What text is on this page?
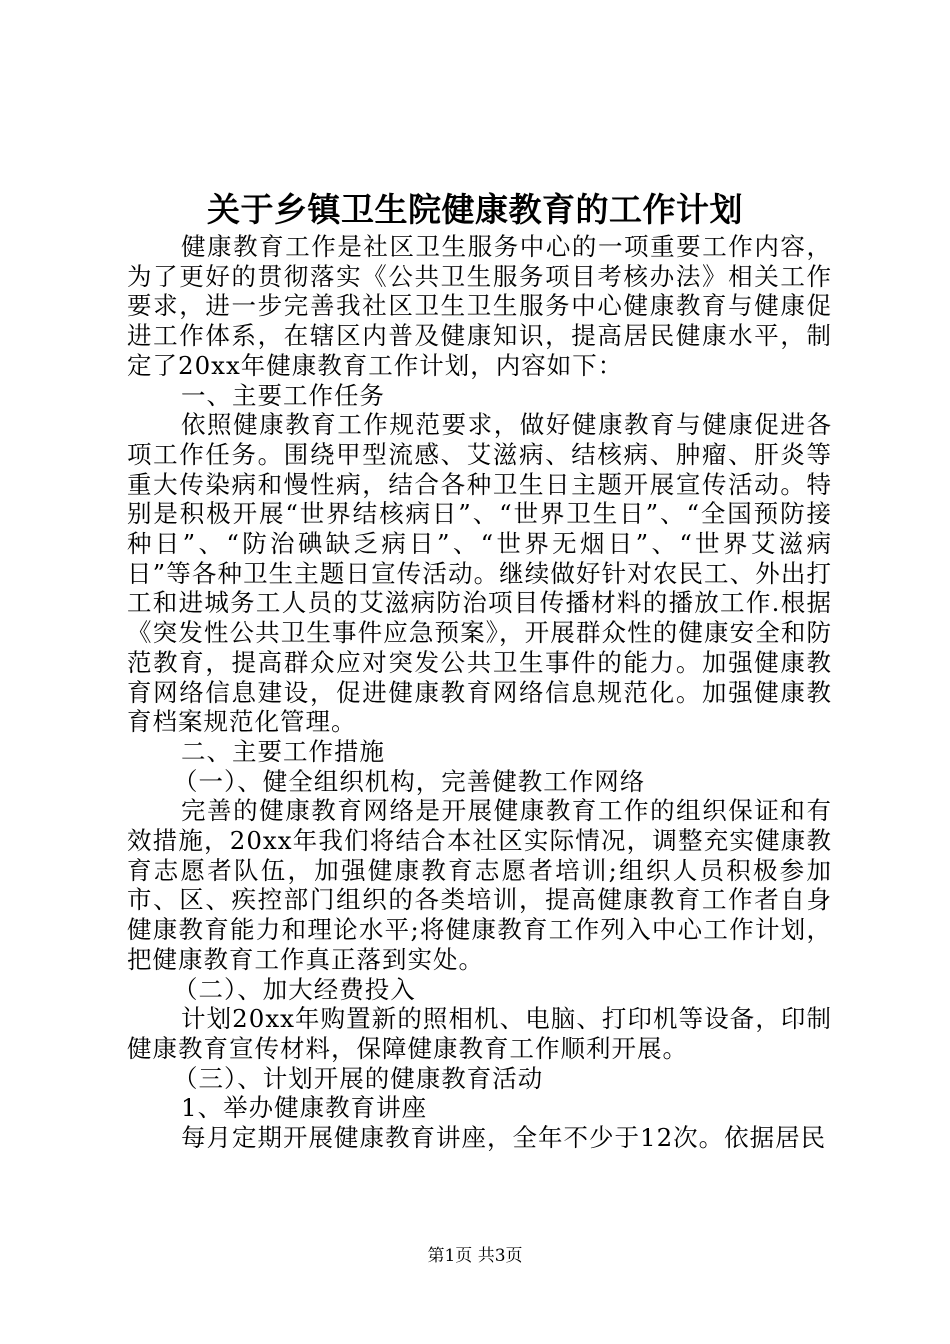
关于乡镇卫生院健康教育的工作计划

健康教育工作是社区卫生服务中心的一项重要工作内容，为了更好的贯彻落实《公共卫生服务项目考核办法》相关工作要求，进一步完善我社区卫生卫生服务中心健康教育与健康促进工作体系，在辖区内普及健康知识，提高居民健康水平，制定了20xx年健康教育工作计划，内容如下：

一、主要工作任务

依照健康教育工作规范要求，做好健康教育与健康促进各项工作任务。围绕甲型流感、艾滋病、结核病、肿瘤、肝炎等重大传染病和慢性病，结合各种卫生日主题开展宣传活动。特别是积极开展“世界结核病日”、“世界卫生日”、“全国预防接种日”、“防治碘缺乏病日”、“世界无烟日”、“世界艾滋病日”等各种卫生主题日宣传活动。继续做好针对农民工、外出打工和进城务工人员的艾滋病防治项目传播材料的播放工作.根据《突发性公共卫生事件应急预案》，开展群众性的健康安全和防范教育，提高群众应对突发公共卫生事件的能力。加强健康教育网络信息建设，促进健康教育网络信息规范化。加强健康教育档案规范化管理。

二、主要工作措施

（一）、健全组织机构，完善健教工作网络

完善的健康教育网络是开展健康教育工作的组织保证和有效措施，20xx年我们将结合本社区实际情况，调整充实健康教育志愿者队伍，加强健康教育志愿者培训;组织人员积极参加市、区、疾控部门组织的各类培训，提高健康教育工作者自身健康教育能力和理论水平;将健康教育工作列入中心工作计划，把健康教育工作真正落到实处。

（二）、加大经费投入

计划20xx年购置新的照相机、电脑、打印机等设备，印制健康教育宣传材料，保障健康教育工作顺利开展。

（三）、计划开展的健康教育活动

1、举办健康教育讲座

每月定期开展健康教育讲座，全年不少于12次。依据居民

第1页 共3页
